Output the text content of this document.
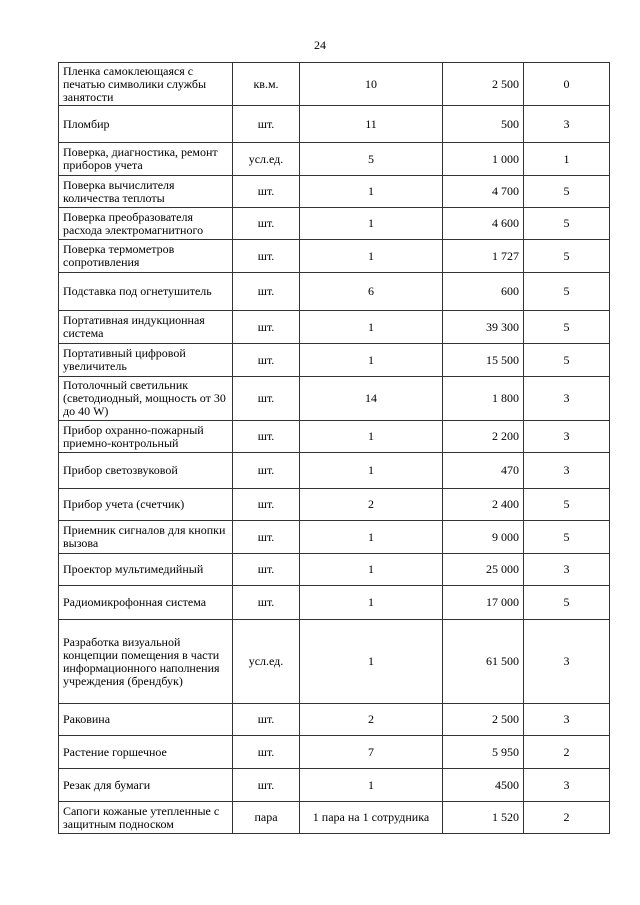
24
Пленка самоклеющаяся с печатью символики службы занятости	кв.м.	10	2 500	0
Пломбир	шт.	11	500	3
Поверка, диагностика, ремонт приборов учета	усл.ед.	5	1 000	1
Поверка вычислителя количества теплоты	шт.	1	4 700	5
Поверка преобразователя расхода электромагнитного	шт.	1	4 600	5
Поверка термометров сопротивления	шт.	1	1 727	5
Подставка под огнетушитель	шт.	6	600	5
Портативная индукционная система	шт.	1	39 300	5
Портативный цифровой увеличитель	шт.	1	15 500	5
Потолочный светильник (светодиодный, мощность от 30 до 40 W)	шт.	14	1 800	3
Прибор охранно-пожарный приемно-контрольный	шт.	1	2 200	3
Прибор светозвуковой	шт.	1	470	3
Прибор учета (счетчик)	шт.	2	2 400	5
Приемник сигналов для кнопки вызова	шт.	1	9 000	5
Проектор мультимедийный	шт.	1	25 000	3
Радиомикрофонная система	шт.	1	17 000	5
Разработка визуальной концепции помещения в части информационного наполнения учреждения (брендбук)	усл.ед.	1	61 500	3
Раковина	шт.	2	2 500	3
Растение горшечное	шт.	7	5 950	2
Резак для бумаги	шт.	1	4500	3
Сапоги кожаные утепленные с защитным подноском	пара	1 пара на 1 сотрудника	1 520	2
